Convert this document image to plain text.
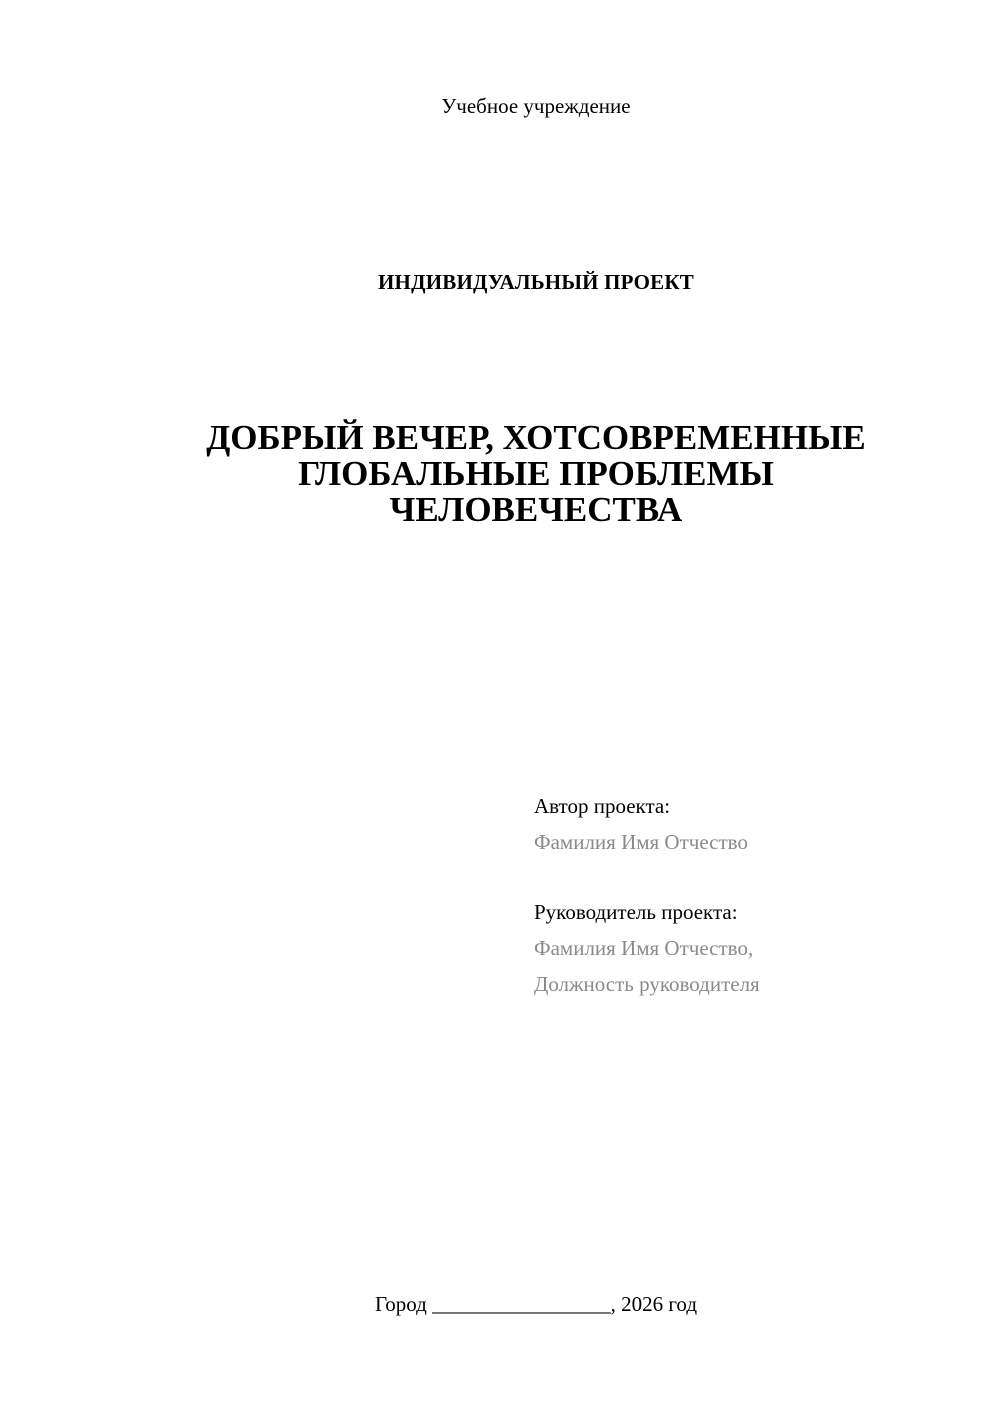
Учебное учреждение
ИНДИВИДУАЛЬНЫЙ ПРОЕКТ
ДОБРЫЙ ВЕЧЕР, ХОТСОВРЕМЕННЫЕ
ГЛОБАЛЬНЫЕ ПРОБЛЕМЫ
ЧЕЛОВЕЧЕСТВА
Автор проекта:
Фамилия Имя Отчество
Руководитель проекта:
Фамилия Имя Отчество,
Должность руководителя
Город _________________, 2026 год
